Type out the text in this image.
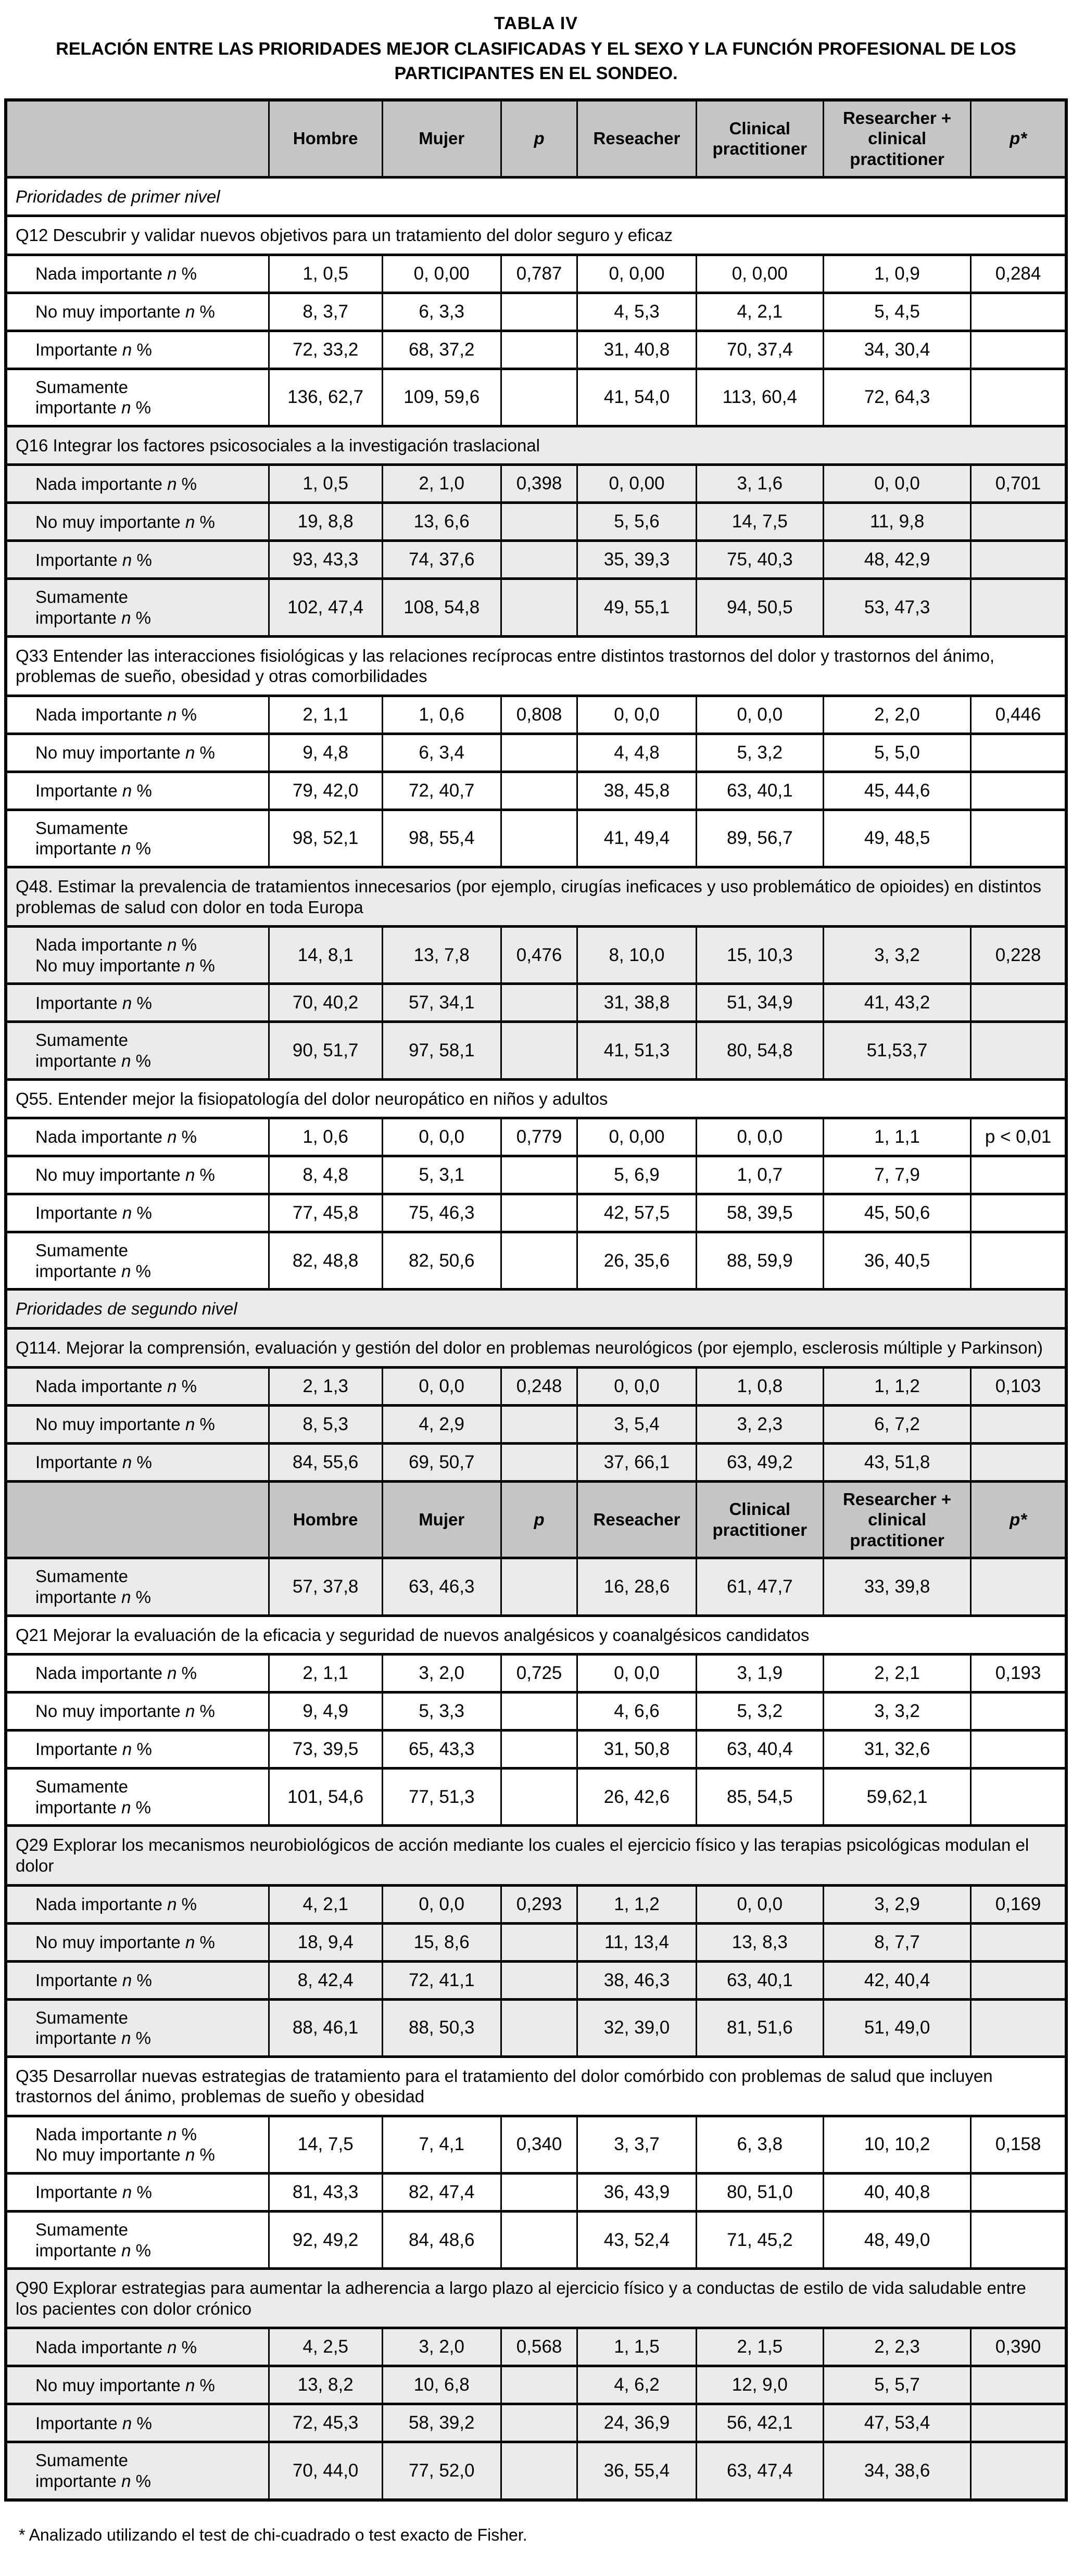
TABLA IV
RELACIÓN ENTRE LAS PRIORIDADES MEJOR CLASIFICADAS Y EL SEXO Y LA FUNCIÓN PROFESIONAL DE LOS PARTICIPANTES EN EL SONDEO.
	Hombre	Mujer	p	Reseacher	Clinical practitioner	Researcher + clinical practitioner	p*
Prioridades de primer nivel							
Q12 Descubrir y validar nuevos objetivos para un tratamiento del dolor seguro y eficaz							
Nada importante n %	1, 0,5	0, 0,00	0,787	0, 0,00	0, 0,00	1, 0,9	0,284
No muy importante n %	8, 3,7	6, 3,3		4, 5,3	4, 2,1	5, 4,5	
Importante n %	72, 33,2	68, 37,2		31, 40,8	70, 37,4	34, 30,4	
Sumamente
importante n %	136, 62,7	109, 59,6		41, 54,0	113, 60,4	72, 64,3	
Q16 Integrar los factores psicosociales a la investigación traslacional							
Nada importante n %	1, 0,5	2, 1,0	0,398	0, 0,00	3, 1,6	0, 0,0	0,701
No muy importante n %	19, 8,8	13, 6,6		5, 5,6	14, 7,5	11, 9,8	
Importante n %	93, 43,3	74, 37,6		35, 39,3	75, 40,3	48, 42,9	
Sumamente
importante n %	102, 47,4	108, 54,8		49, 55,1	94, 50,5	53, 47,3	
Q33 Entender las interacciones fisiológicas y las relaciones recíprocas entre distintos trastornos del dolor y trastornos del ánimo, problemas de sueño, obesidad y otras comorbilidades							
Nada importante n %	2, 1,1	1, 0,6	0,808	0, 0,0	0, 0,0	2, 2,0	0,446
No muy importante n %	9, 4,8	6, 3,4		4, 4,8	5, 3,2	5, 5,0	
Importante n %	79, 42,0	72, 40,7		38, 45,8	63, 40,1	45, 44,6	
Sumamente
importante n %	98, 52,1	98, 55,4		41, 49,4	89, 56,7	49, 48,5	
Q48. Estimar la prevalencia de tratamientos innecesarios (por ejemplo, cirugías ineficaces y uso problemático de opioides) en distintos problemas de salud con dolor en toda Europa							
Nada importante n %
No muy importante n %	14, 8,1	13, 7,8	0,476	8, 10,0	15, 10,3	3, 3,2	0,228
Importante n %	70, 40,2	57, 34,1		31, 38,8	51, 34,9	41, 43,2	
Sumamente
importante n %	90, 51,7	97, 58,1		41, 51,3	80, 54,8	51,53,7	
Q55. Entender mejor la fisiopatología del dolor neuropático en niños y adultos							
Nada importante n %	1, 0,6	0, 0,0	0,779	0, 0,00	0, 0,0	1, 1,1	p < 0,01
No muy importante n %	8, 4,8	5, 3,1		5, 6,9	1, 0,7	7, 7,9	
Importante n %	77, 45,8	75, 46,3		42, 57,5	58, 39,5	45, 50,6	
Sumamente
importante n %	82, 48,8	82, 50,6		26, 35,6	88, 59,9	36, 40,5	
Prioridades de segundo nivel							
Q114. Mejorar la comprensión, evaluación y gestión del dolor en problemas neurológicos (por ejemplo, esclerosis múltiple y Parkinson)							
Nada importante n %	2, 1,3	0, 0,0	0,248	0, 0,0	1, 0,8	1, 1,2	0,103
No muy importante n %	8, 5,3	4, 2,9		3, 5,4	3, 2,3	6, 7,2	
Importante n %	84, 55,6	69, 50,7		37, 66,1	63, 49,2	43, 51,8	
	Hombre	Mujer	p	Reseacher	Clinical practitioner	Researcher + clinical practitioner	p*
Sumamente
importante n %	57, 37,8	63, 46,3		16, 28,6	61, 47,7	33, 39,8	
Q21 Mejorar la evaluación de la eficacia y seguridad de nuevos analgésicos y coanalgésicos candidatos							
Nada importante n %	2, 1,1	3, 2,0	0,725	0, 0,0	3, 1,9	2, 2,1	0,193
No muy importante n %	9, 4,9	5, 3,3		4, 6,6	5, 3,2	3, 3,2	
Importante n %	73, 39,5	65, 43,3		31, 50,8	63, 40,4	31, 32,6	
Sumamente
importante n %	101, 54,6	77, 51,3		26, 42,6	85, 54,5	59,62,1	
Q29 Explorar los mecanismos neurobiológicos de acción mediante los cuales el ejercicio físico y las terapias psicológicas modulan el dolor							
Nada importante n %	4, 2,1	0, 0,0	0,293	1, 1,2	0, 0,0	3, 2,9	0,169
No muy importante n %	18, 9,4	15, 8,6		11, 13,4	13, 8,3	8, 7,7	
Importante n %	8, 42,4	72, 41,1		38, 46,3	63, 40,1	42, 40,4	
Sumamente
importante n %	88, 46,1	88, 50,3		32, 39,0	81, 51,6	51, 49,0	
Q35 Desarrollar nuevas estrategias de tratamiento para el tratamiento del dolor comórbido con problemas de salud que incluyen trastornos del ánimo, problemas de sueño y obesidad							
Nada importante n %
No muy importante n %	14, 7,5	7, 4,1	0,340	3, 3,7	6, 3,8	10, 10,2	0,158
Importante n %	81, 43,3	82, 47,4		36, 43,9	80, 51,0	40, 40,8	
Sumamente
importante n %	92, 49,2	84, 48,6		43, 52,4	71, 45,2	48, 49,0	
Q90 Explorar estrategias para aumentar la adherencia a largo plazo al ejercicio físico y a conductas de estilo de vida saludable entre los pacientes con dolor crónico							
Nada importante n %	4, 2,5	3, 2,0	0,568	1, 1,5	2, 1,5	2, 2,3	0,390
No muy importante n %	13, 8,2	10, 6,8		4, 6,2	12, 9,0	5, 5,7	
Importante n %	72, 45,3	58, 39,2		24, 36,9	56, 42,1	47, 53,4	
Sumamente
importante n %	70, 44,0	77, 52,0		36, 55,4	63, 47,4	34, 38,6	
* Analizado utilizando el test de chi-cuadrado o test exacto de Fisher.
